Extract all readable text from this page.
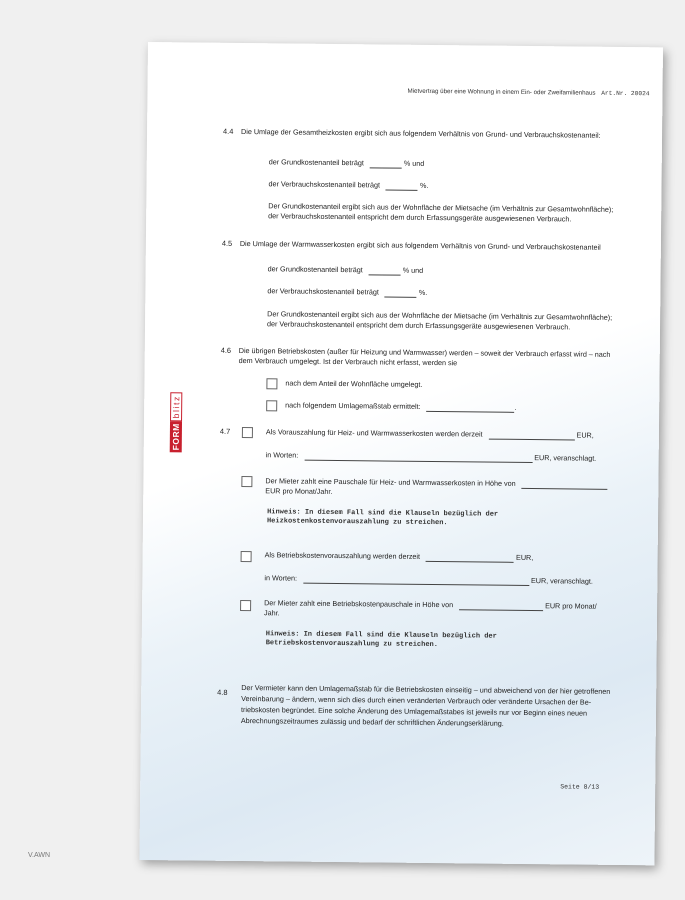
Mietvertrag über eine Wohnung in einem Ein- oder Zweifamilienhaus Art.Nr. 20024
FORM
blitz
4.4 Die Umlage der Gesamtheizkosten ergibt sich aus folgendem Verhältnis von Grund- und Verbrauchskostenanteil:
der Grundkostenanteil beträgt	% und
der Verbrauchskostenanteil beträgt	%.
Der Grundkostenanteil ergibt sich aus der Wohnfläche der Mietsache (im Verhältnis zur Gesamtwohnfläche);
der Verbrauchskostenanteil entspricht dem durch Erfassungsgeräte ausgewiesenen Verbrauch.
4.5 Die Umlage der Warmwasserkosten ergibt sich aus folgendem Verhältnis von Grund- und Verbrauchskostenanteil
der Grundkostenanteil beträgt	% und
der Verbrauchskostenanteil beträgt	%.
Der Grundkostenanteil ergibt sich aus der Wohnfläche der Mietsache (im Verhältnis zur Gesamtwohnfläche);
der Verbrauchskostenanteil entspricht dem durch Erfassungsgeräte ausgewiesenen Verbrauch.
4.6 Die übrigen Betriebskosten (außer für Heizung und Warmwasser) werden – soweit der Verbrauch erfasst wird – nach
dem Verbrauch umgelegt. Ist der Verbrauch nicht erfasst, werden sie
nach dem Anteil der Wohnfläche umgelegt.
nach folgendem Umlagemaßstab ermittelt:	.
4.7	Als Vorauszahlung für Heiz- und Warmwasserkosten werden derzeit	EUR,
in Worten:	EUR, veranschlagt.
Der Mieter zahlt eine Pauschale für Heiz- und Warmwasserkosten in Höhe von
EUR pro Monat/Jahr.
Hinweis: In diesem Fall sind die Klauseln bezüglich der
Heizkostenkostenvorauszahlung zu streichen.
Als Betriebskostenvorauszahlung werden derzeit	EUR,
in Worten:	EUR, veranschlagt.
Der Mieter zahlt eine Betriebskostenpauschale in Höhe von	EUR pro Monat/
Jahr.
Hinweis: In diesem Fall sind die Klauseln bezüglich der
Betriebskostenvorauszahlung zu streichen.
4.8 Der Vermieter kann den Umlagemaßstab für die Betriebskosten einseitig – und abweichend von der hier getroffenen
Vereinbarung – ändern, wenn sich dies durch einen veränderten Verbrauch oder veränderte Ursachen der Be-
triebskosten begründet. Eine solche Änderung des Umlagemaßstabes ist jeweils nur vor Beginn eines neuen
Abrechnungszeitraumes zulässig und bedarf der schriftlichen Änderungserklärung.
Seite 8/13
V.AWN
